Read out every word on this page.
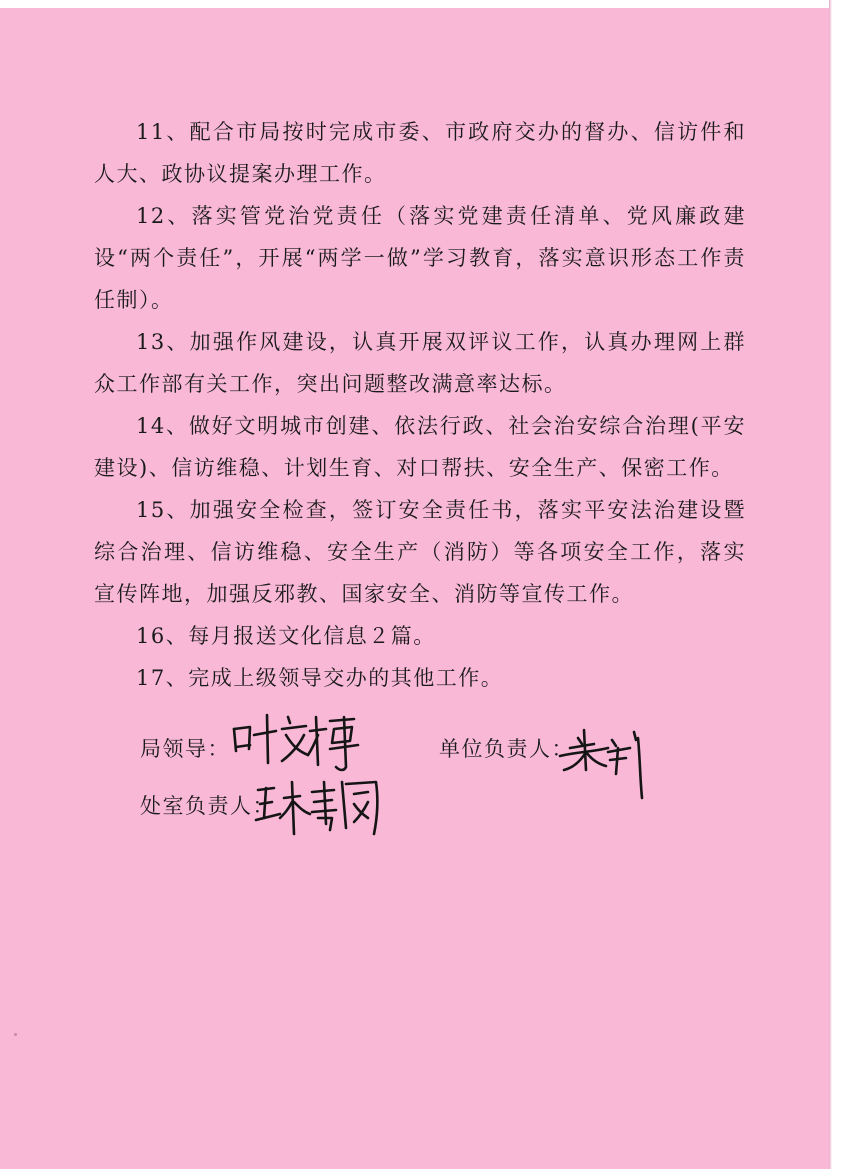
11、配合市局按时完成市委、市政府交办的督办、信访件和人大、政协议提案办理工作。

12、落实管党治党责任（落实党建责任清单、党风廉政建设“两个责任”，开展“两学一做”学习教育，落实意识形态工作责任制）。

13、加强作风建设，认真开展双评议工作，认真办理网上群众工作部有关工作，突出问题整改满意率达标。

14、做好文明城市创建、依法行政、社会治安综合治理(平安建设)、信访维稳、计划生育、对口帮扶、安全生产、保密工作。

15、加强安全检查，签订安全责任书，落实平安法治建设暨综合治理、信访维稳、安全生产（消防）等各项安全工作，落实宣传阵地，加强反邪教、国家安全、消防等宣传工作。

16、每月报送文化信息２篇。

17、完成上级领导交办的其他工作。

局领导：	单位负责人：
处室负责人：
